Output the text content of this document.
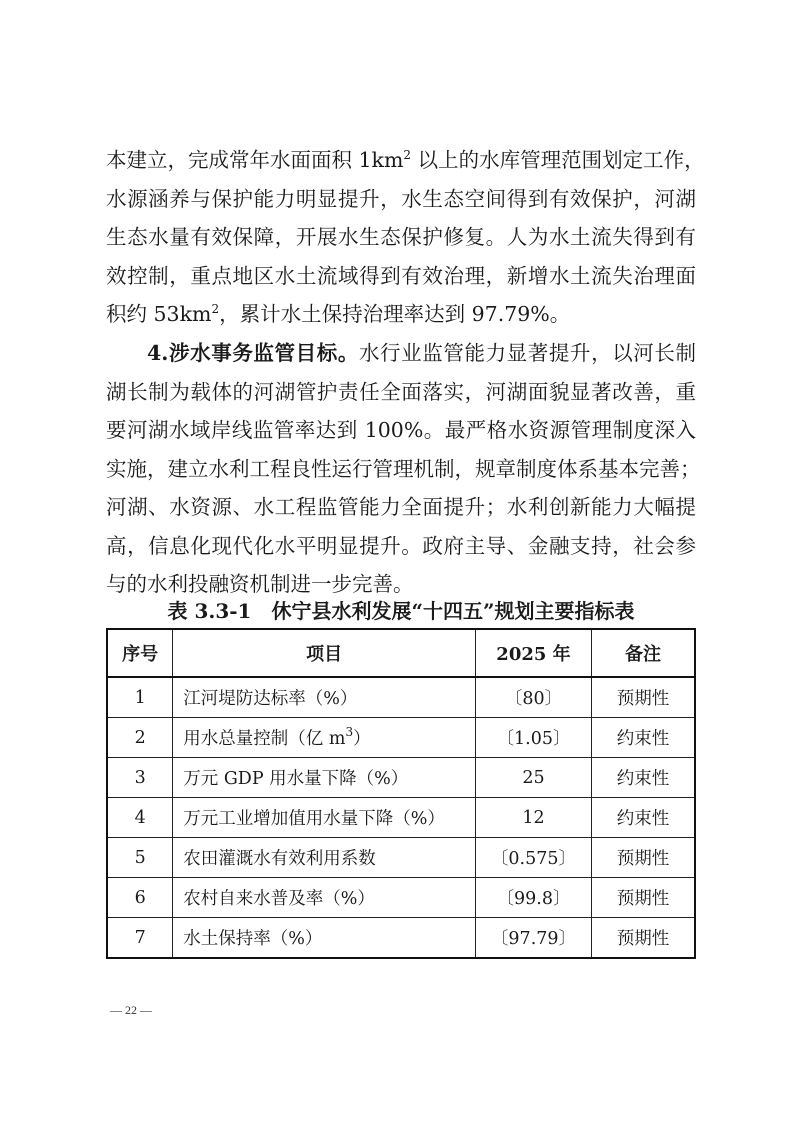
本建立，完成常年水面面积 $1km^2$ 以上的水库管理范围划定工作，
水源涵养与保护能力明显提升，水生态空间得到有效保护，河湖
生态水量有效保障，开展水生态保护修复。人为水土流失得到有
效控制，重点地区水土流域得到有效治理，新增水土流失治理面
积约 $53km^2$，累计水土保持治理率达到 97.79%。
4.涉水事务监管目标。水行业监管能力显著提升，以河长制
湖长制为载体的河湖管护责任全面落实，河湖面貌显著改善，重
要河湖水域岸线监管率达到 100%。最严格水资源管理制度深入
实施，建立水利工程良性运行管理机制，规章制度体系基本完善；
河湖、水资源、水工程监管能力全面提升；水利创新能力大幅提
高，信息化现代化水平明显提升。政府主导、金融支持，社会参
与的水利投融资机制进一步完善。
表 3.3-1　休宁县水利发展“十四五”规划主要指标表
序号	项目	2025 年	备注
1	江河堤防达标率（%）	〔80〕	预期性
2	用水总量控制（亿 $m^3$）	〔1.05〕	约束性
3	万元 GDP 用水量下降（%）	25	约束性
4	万元工业增加值用水量下降（%）	12	约束性
5	农田灌溉水有效利用系数	〔0.575〕	预期性
6	农村自来水普及率（%）	〔99.8〕	预期性
7	水土保持率（%）	〔97.79〕	预期性
— 22 —
